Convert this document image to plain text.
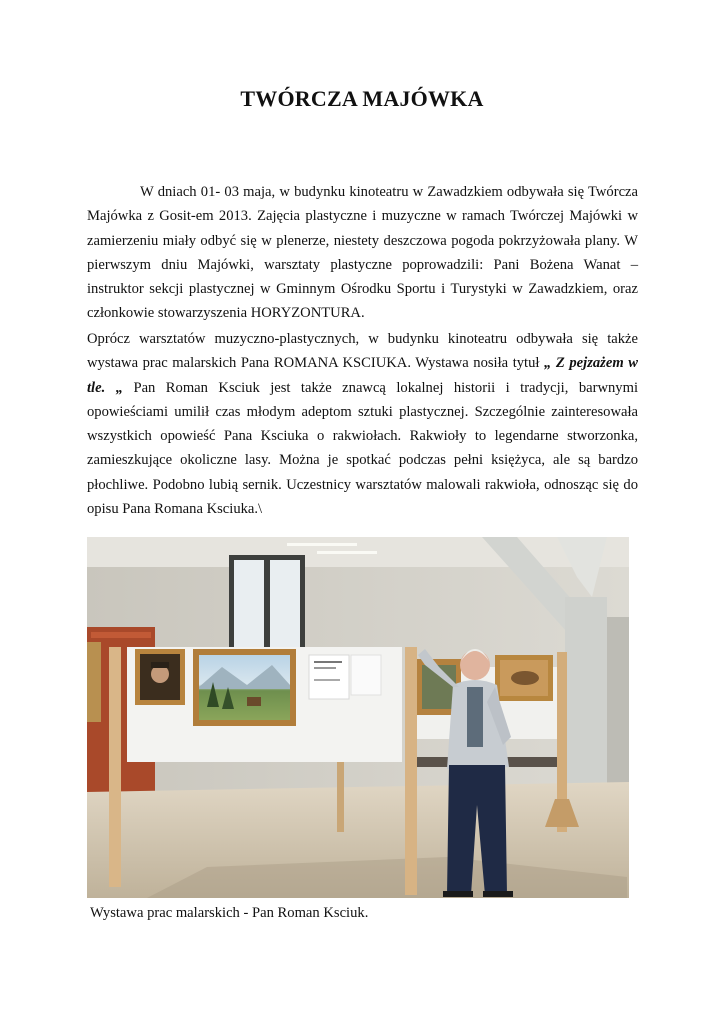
TWÓRCZA MAJÓWKA
W dniach 01- 03 maja, w budynku kinoteatru w Zawadzkiem odbywała się Twórcza Majówka z Gosit-em 2013. Zajęcia plastyczne i muzyczne w ramach Twórczej Majówki w zamierzeniu miały odbyć się w plenerze, niestety deszczowa pogoda pokrzyżowała plany. W pierwszym dniu Majówki, warsztaty plastyczne poprowadzili: Pani Bożena Wanat – instruktor sekcji plastycznej w Gminnym Ośrodku Sportu i Turystyki w Zawadzkiem, oraz członkowie stowarzyszenia HORYZONTURA.
Oprócz warsztatów muzyczno-plastycznych, w budynku kinoteatru odbywała się także wystawa prac malarskich Pana ROMANA KSCIUKA. Wystawa nosiła tytuł „ Z pejzażem w tle. „ Pan Roman Ksciuk jest także znawcą lokalnej historii i tradycji, barwnymi opowieściami umilił czas młodym adeptom sztuki plastycznej. Szczególnie zainteresowała wszystkich opowieść Pana Ksciuka o rakwiołach. Rakwioły to legendarne stworzonka, zamieszkujące okoliczne lasy. Można je spotkać podczas pełni księżyca, ale są bardzo płochliwe. Podobno lubią sernik. Uczestnicy warsztatów malowali rakwioła, odnosząc się do opisu Pana Romana Ksciuka.\
Wystawa prac malarskich - Pan Roman Ksciuk.
